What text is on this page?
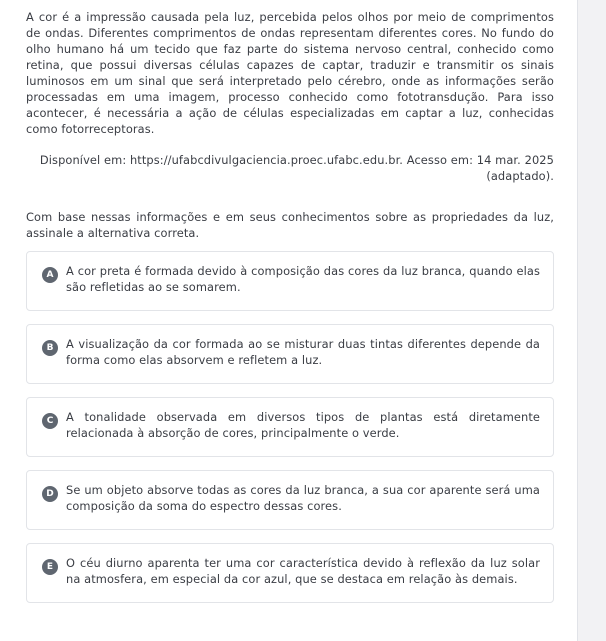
A cor é a impressão causada pela luz, percebida pelos olhos por meio de comprimentos de ondas. Diferentes comprimentos de ondas representam diferentes cores. No fundo do olho humano há um tecido que faz parte do sistema nervoso central, conhecido como retina, que possui diversas células capazes de captar, traduzir e transmitir os sinais luminosos em um sinal que será interpretado pelo cérebro, onde as informações serão processadas em uma imagem, processo conhecido como fototransdução. Para isso acontecer, é necessária a ação de células especializadas em captar a luz, conhecidas como fotorreceptoras.

Disponível em: https://ufabcdivulgaciencia.proec.ufabc.edu.br. Acesso em: 14 mar. 2025 (adaptado).

Com base nessas informações e em seus conhecimentos sobre as propriedades da luz, assinale a alternativa correta.

A	A cor preta é formada devido à composição das cores da luz branca, quando elas são refletidas ao se somarem.
B	A visualização da cor formada ao se misturar duas tintas diferentes depende da forma como elas absorvem e refletem a luz.
C	A tonalidade observada em diversos tipos de plantas está diretamente relacionada à absorção de cores, principalmente o verde.
D	Se um objeto absorve todas as cores da luz branca, a sua cor aparente será uma composição da soma do espectro dessas cores.
E	O céu diurno aparenta ter uma cor característica devido à reflexão da luz solar na atmosfera, em especial da cor azul, que se destaca em relação às demais.
